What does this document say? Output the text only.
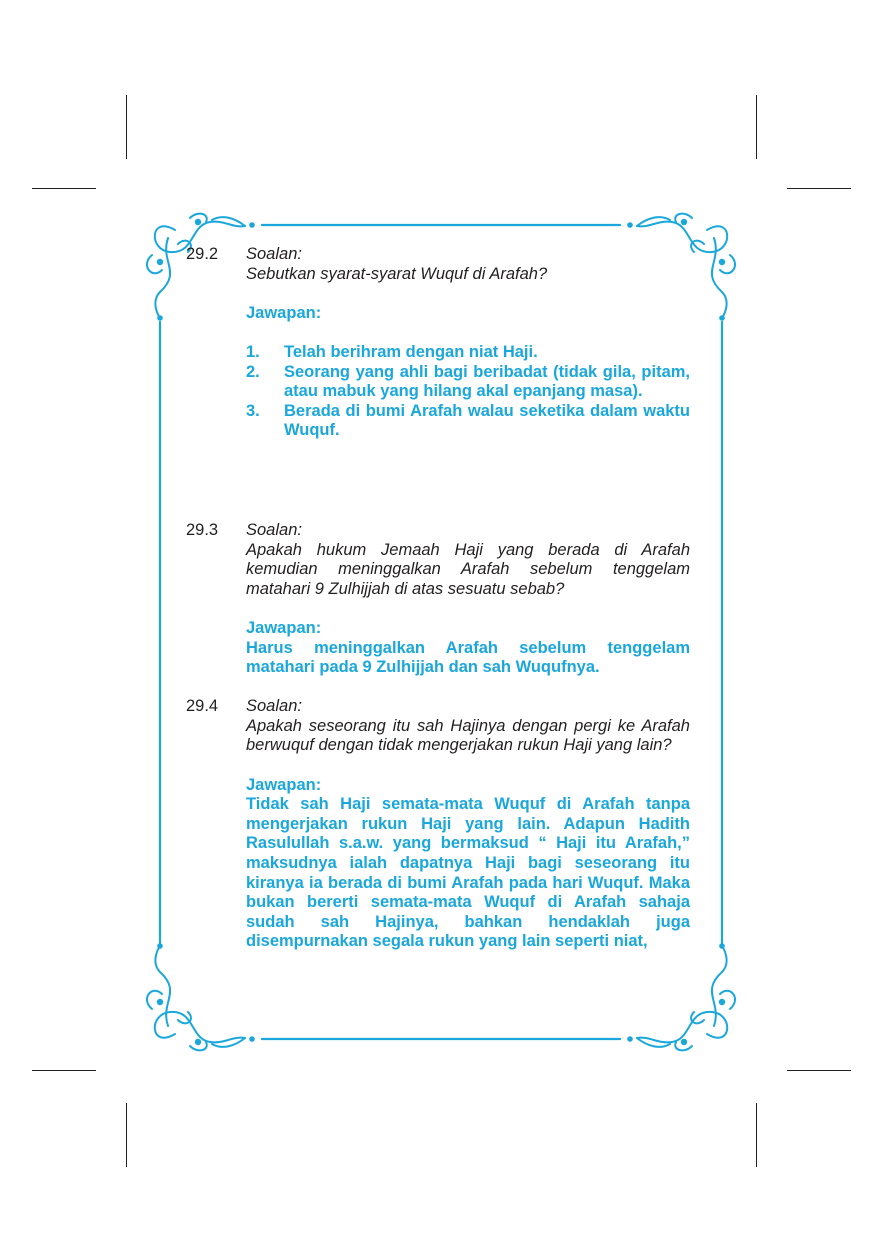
29.2	Soalan:
Sebutkan syarat-syarat Wuquf di Arafah?
Jawapan:
1.	Telah berihram dengan niat Haji.
2.	Seorang yang ahli bagi beribadat (tidak gila, pitam, atau mabuk yang hilang akal epanjang masa).
3.	Berada di bumi Arafah walau seketika dalam waktu Wuquf.
29.3	Soalan:
Apakah hukum Jemaah Haji yang berada di Arafah kemudian meninggalkan Arafah sebelum tenggelam matahari 9 Zulhijjah di atas sesuatu sebab?
Jawapan:
Harus meninggalkan Arafah sebelum tenggelam matahari pada 9 Zulhijjah dan sah Wuqufnya.
29.4	Soalan:
Apakah seseorang itu sah Hajinya dengan pergi ke Arafah berwuquf dengan tidak mengerjakan rukun Haji yang lain?
Jawapan:
Tidak sah Haji semata-mata Wuquf di Arafah tanpa mengerjakan rukun Haji yang lain. Adapun Hadith Rasulullah s.a.w. yang bermaksud “ Haji itu Arafah,” maksudnya ialah dapatnya Haji bagi seseorang itu kiranya ia berada di bumi Arafah pada hari Wuquf. Maka bukan bererti semata-mata Wuquf di Arafah sahaja sudah sah Hajinya, bahkan hendaklah juga disempurnakan segala rukun yang lain seperti niat,
